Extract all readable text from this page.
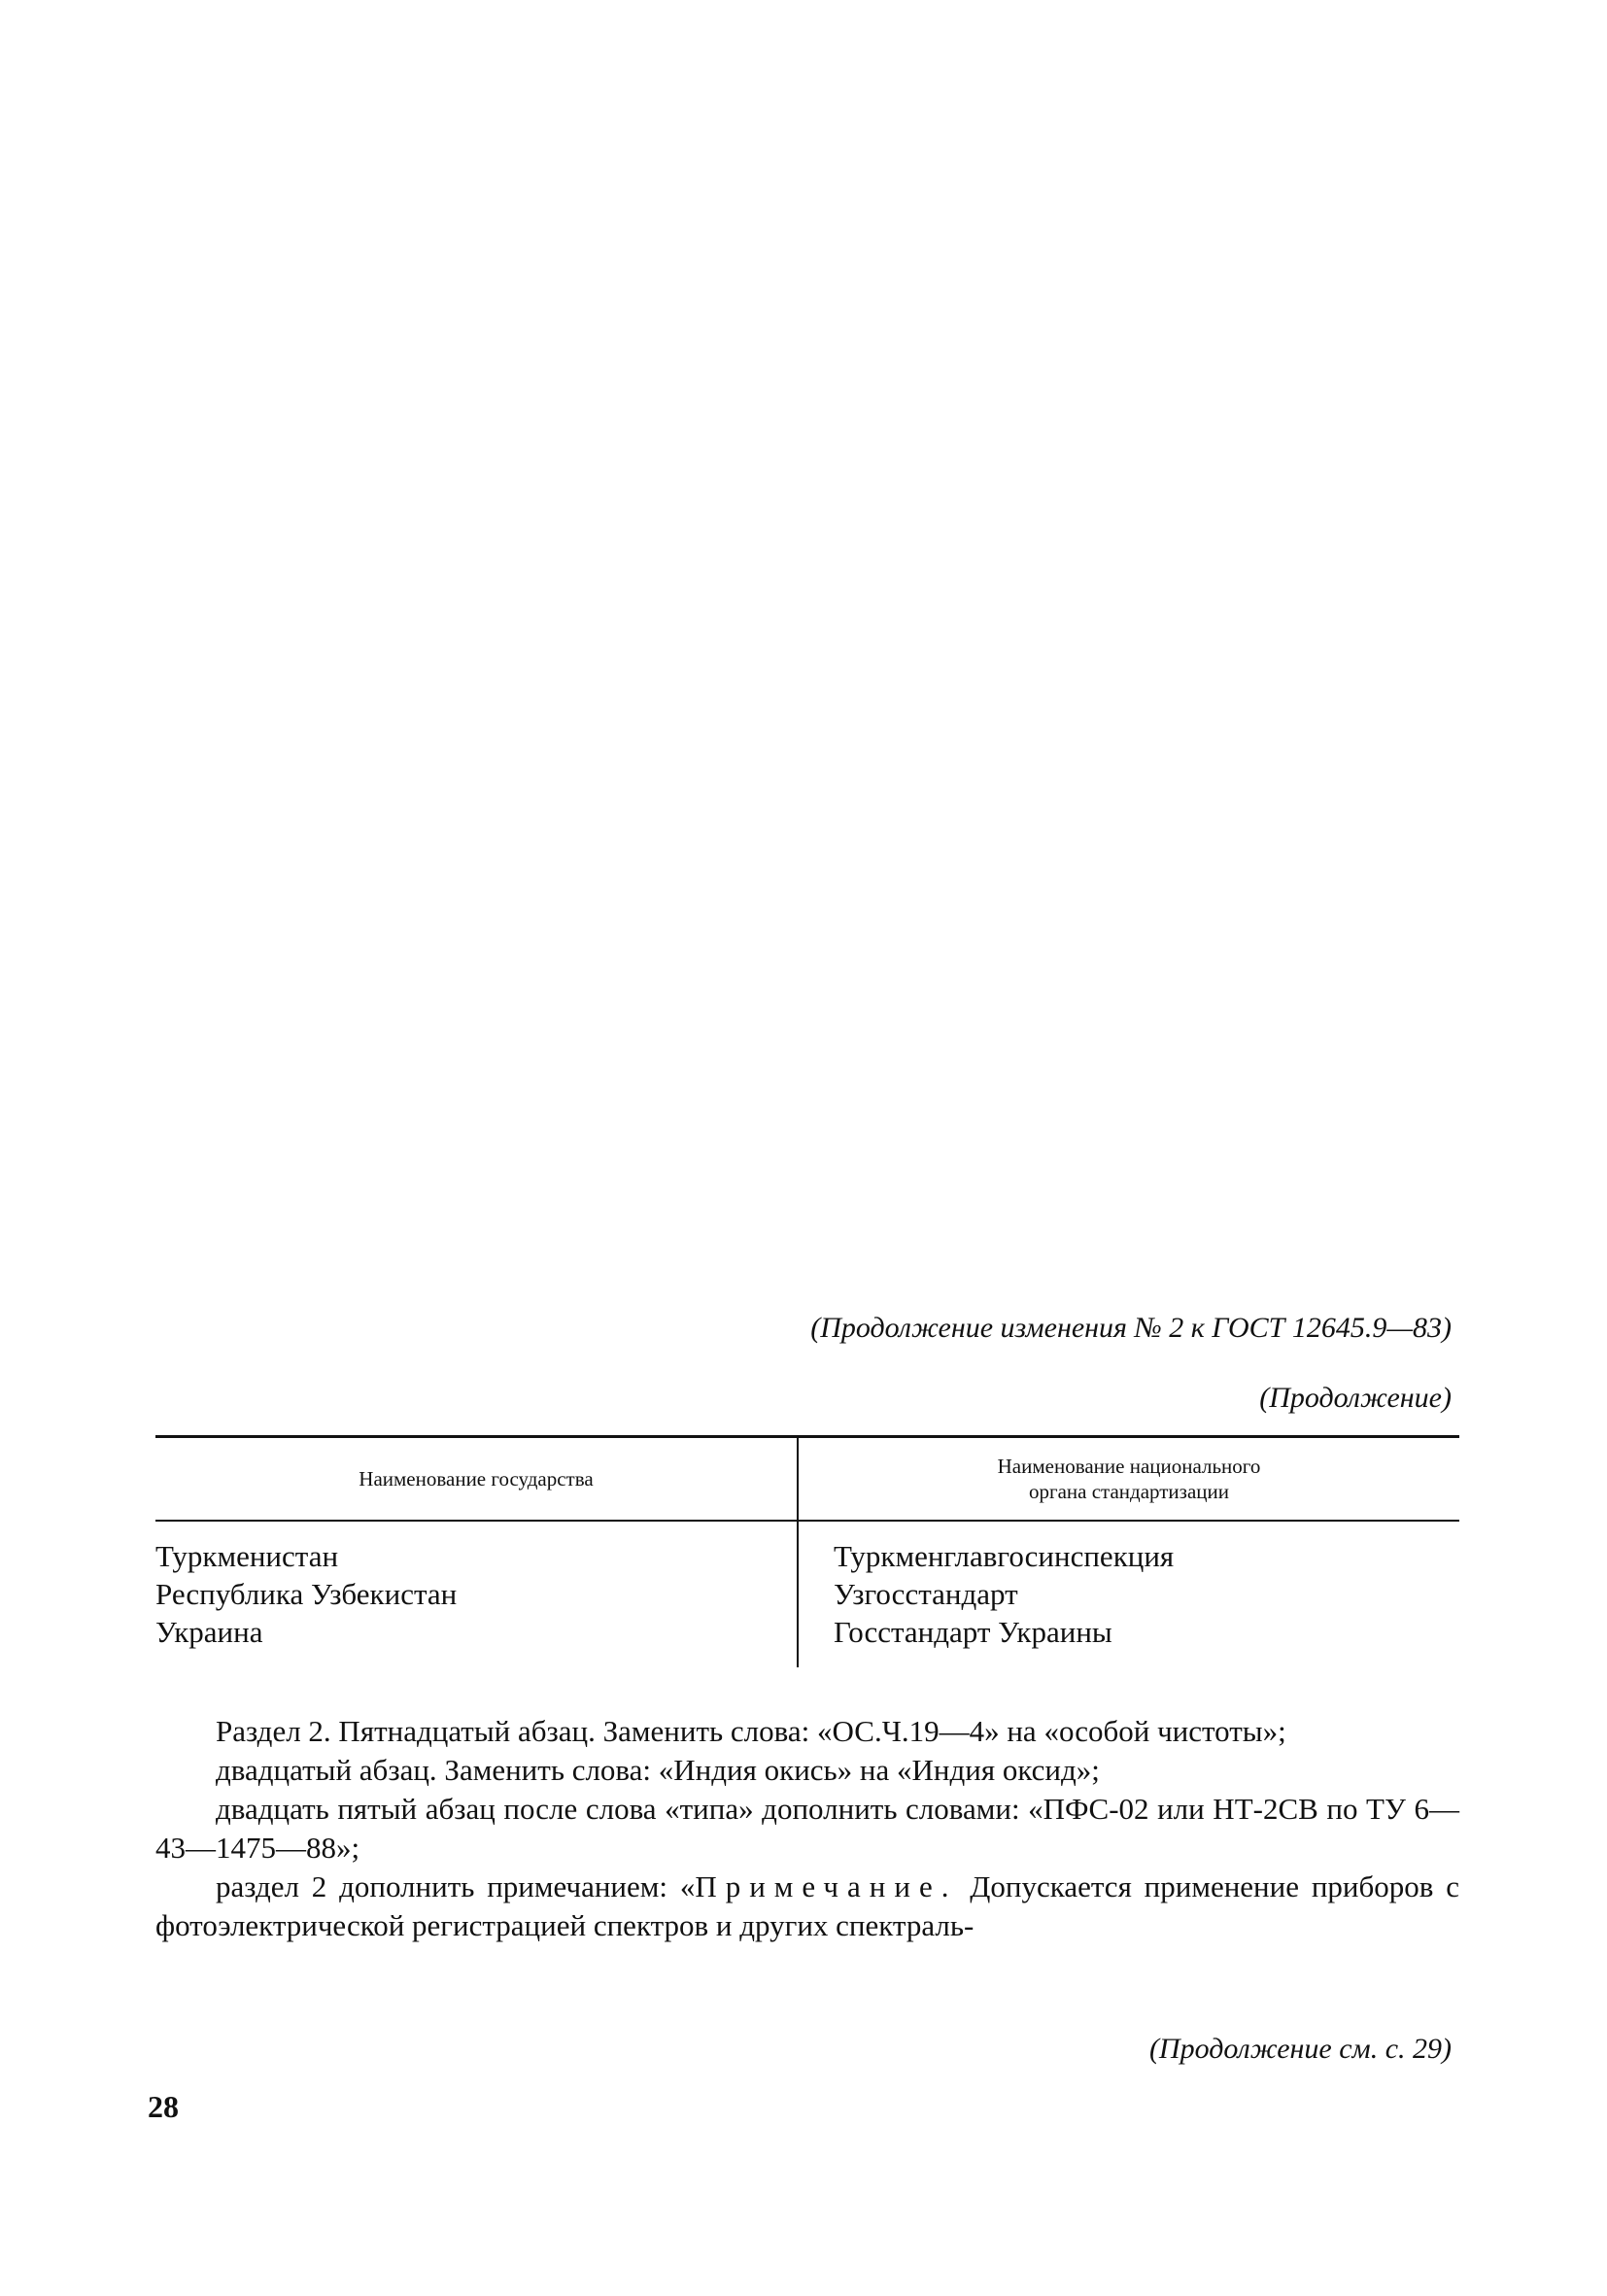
(Продолжение изменения № 2 к ГОСТ 12645.9—83)
(Продолжение)
Наименование государства
Наименование национального органа стандартизации
Туркменистан
Республика Узбекистан
Украина
Туркменглавгосинспекция
Узгосстандарт
Госстандарт Украины

Раздел 2. Пятнадцатый абзац. Заменить слова: «ОС.Ч.19—4» на «особой чистоты»;

двадцатый абзац. Заменить слова: «Индия окись» на «Индия оксид»;

двадцать пятый абзац после слова «типа» дополнить словами: «ПФС-02 или НТ-2СВ по ТУ 6—43—1475—88»;

раздел 2 дополнить примечанием: «Примечание. Допускается применение приборов с фотоэлектрической регистрацией спектров и других спектраль-

(Продолжение см. с. 29)
28
